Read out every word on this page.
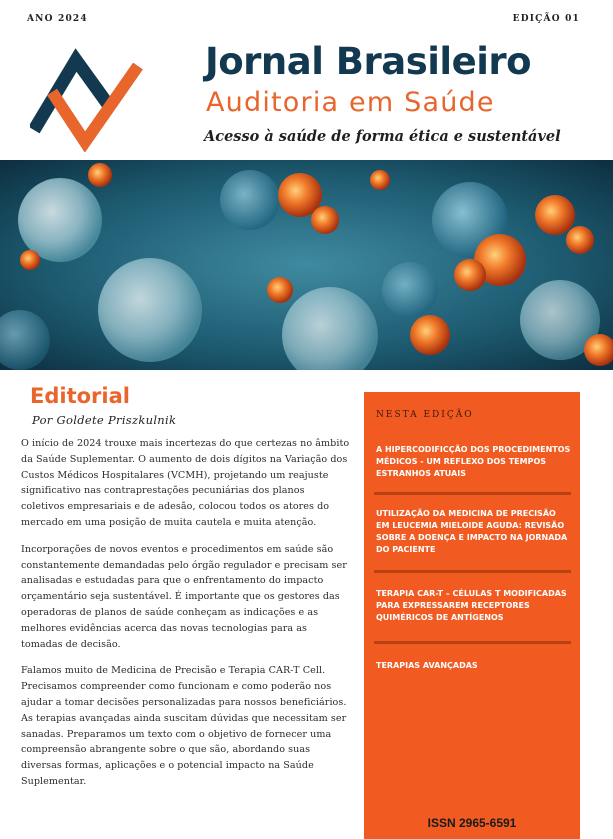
ANO 2024	EDIÇÃO 01
Jornal Brasileiro
Auditoria em Saúde
Acesso à saúde de forma ética e sustentável
Editorial
Por Goldete Priszkulnik

O início de 2024 trouxe mais incertezas do que certezas no âmbito da Saúde Suplementar. O aumento de dois dígitos na Variação dos Custos Médicos Hospitalares (VCMH), projetando um reajuste significativo nas contraprestações pecuniárias dos planos coletivos empresariais e de adesão, colocou todos os atores do mercado em uma posição de muita cautela e muita atenção.

Incorporações de novos eventos e procedimentos em saúde são constantemente demandadas pelo órgão regulador e precisam ser analisadas e estudadas para que o enfrentamento do impacto orçamentário seja sustentável. É importante que os gestores das operadoras de planos de saúde conheçam as indicações e as melhores evidências acerca das novas tecnologias para as tomadas de decisão.

Falamos muito de Medicina de Precisão e Terapia CAR-T Cell. Precisamos compreender como funcionam e como poderão nos ajudar a tomar decisões personalizadas para nossos beneficiários. As terapias avançadas ainda suscitam dúvidas que necessitam ser sanadas. Preparamos um texto com o objetivo de fornecer uma compreensão abrangente sobre o que são, abordando suas diversas formas, aplicações e o potencial impacto na Saúde Suplementar.

NESTA EDIÇÃO
A HIPERCODIFICÇÃO DOS PROCEDIMENTOS MÉDICOS - UM REFLEXO DOS TEMPOS ESTRANHOS ATUAIS
UTILIZAÇÃO DA MEDICINA DE PRECISÃO EM LEUCEMIA MIELOIDE AGUDA: REVISÃO SOBRE A DOENÇA E IMPACTO NA JORNADA DO PACIENTE
TERAPIA CAR-T – CÉLULAS T MODIFICADAS PARA EXPRESSAREM RECEPTORES QUIMÉRICOS DE ANTÍGENOS
TERAPIAS AVANÇADAS
ISSN 2965-6591
